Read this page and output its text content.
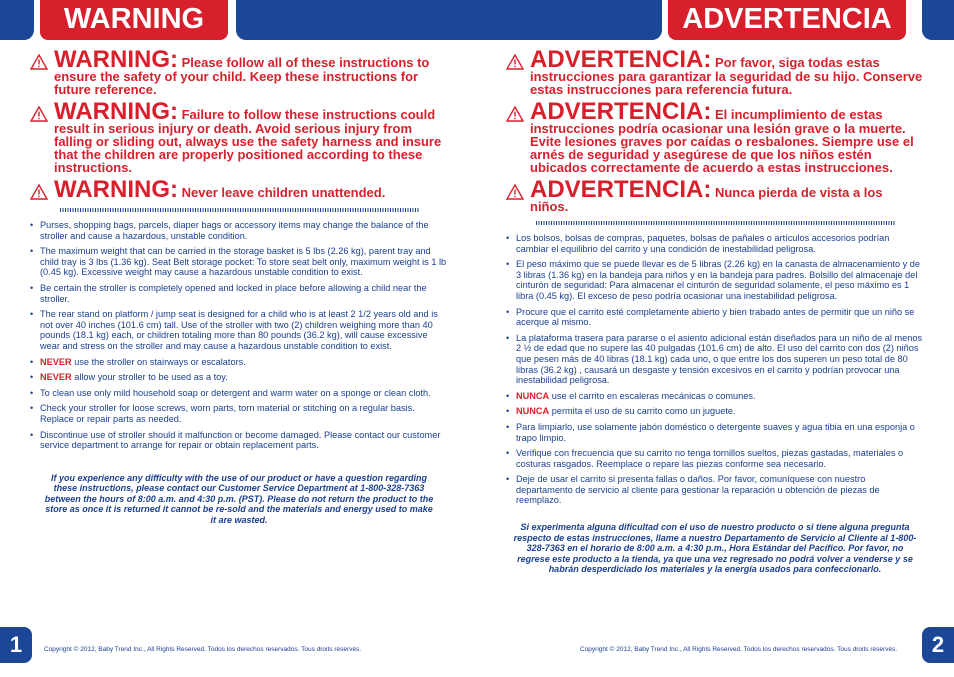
WARNING	ADVERTENCIA
WARNING: Please follow all of these instructions to ensure the safety of your child. Keep these instructions for future reference.
WARNING: Failure to follow these instructions could result in serious injury or death. Avoid serious injury from falling or sliding out, always use the safety harness and insure that the children are properly positioned according to these instructions.
WARNING: Never leave children unattended.
• Purses, shopping bags, parcels, diaper bags or accessory items may change the balance of the stroller and cause a hazardous, unstable condition.
• The maximum weight that can be carried in the storage basket is 5 lbs (2.26 kg), parent tray and child tray is 3 lbs (1.36 kg). Seat Belt storage pocket: To store seat belt only, maximum weight is 1 lb (0.45 kg). Excessive weight may cause a hazardous unstable condition to exist.
• Be certain the stroller is completely opened and locked in place before allowing a child near the stroller.
• The rear stand on platform / jump seat is designed for a child who is at least 2 1/2 years old and is not over 40 inches (101.6 cm) tall. Use of the stroller with two (2) children weighing more than 40 pounds (18.1 kg) each, or children totaling more than 80 pounds (36.2 kg), will cause excessive wear and stress on the stroller and may cause a hazardous unstable condition to exist.
• NEVER use the stroller on stairways or escalators.
• NEVER allow your stroller to be used as a toy.
• To clean use only mild household soap or detergent and warm water on a sponge or clean cloth.
• Check your stroller for loose screws, worn parts, torn material or stitching on a regular basis. Replace or repair parts as needed.
• Discontinue use of stroller should it malfunction or become damaged. Please contact our customer service department to arrange for repair or obtain replacement parts.
If you experience any difficulty with the use of our product or have a question regarding these instructions, please contact our Customer Service Department at 1-800-328-7363 between the hours of 8:00 a.m. and 4:30 p.m. (PST). Please do not return the product to the store as once it is returned it cannot be re-sold and the materials and energy used to make it are wasted.
ADVERTENCIA: Por favor, siga todas estas instrucciones para garantizar la seguridad de su hijo. Conserve estas instrucciones para referencia futura.
ADVERTENCIA: El incumplimiento de estas instrucciones podría ocasionar una lesión grave o la muerte. Evite lesiones graves por caídas o resbalones. Siempre use el arnés de seguridad y asegúrese de que los niños estén ubicados correctamente de acuerdo a estas instrucciones.
ADVERTENCIA: Nunca pierda de vista a los niños.
• Los bolsos, bolsas de compras, paquetes, bolsas de pañales o artículos accesorios podrían cambiar el equilibrio del carrito y una condición de inestabilidad peligrosa.
• El peso máximo que se puede llevar es de 5 libras (2.26 kg) en la canasta de almacenamiento y de 3 libras (1.36 kg) en la bandeja para niños y en la bandeja para padres. Bolsillo del almacenaje del cinturón de seguridad: Para almacenar el cinturón de seguridad solamente, el peso máximo es 1 libra (0.45 kg). El exceso de peso podría ocasionar una inestabilidad peligrosa.
• Procure que el carrito esté completamente abierto y bien trabado antes de permitir que un niño se acerque al mismo.
• La plataforma trasera para pararse o el asiento adicional están diseñados para un niño de al menos 2 ½ de edad que no supere las 40 pulgadas (101.6 cm) de alto. El uso del carrito con dos (2) niños que pesen más de 40 libras (18.1 kg) cada uno, o que entre los dos superen un peso total de 80 libras (36.2 kg) , causará un desgaste y tensión excesivos en el carrito y podrían provocar una inestabilidad peligrosa.
• NUNCA use el carrito en escaleras mecánicas o comunes.
• NUNCA permita el uso de su carrito como un juguete.
• Para limpiarlo, use solamente jabón doméstico o detergente suaves y agua tibia en una esponja o trapo limpio.
• Verifique con frecuencia que su carrito no tenga tornillos sueltos, piezas gastadas, materiales o costuras rasgados. Reemplace o repare las piezas conforme sea necesario.
• Deje de usar el carrito si presenta fallas o daños. Por favor, comuníquese con nuestro departamento de servicio al cliente para gestionar la reparación u obtención de piezas de reemplazo.
Si experimenta alguna dificultad con el uso de nuestro producto o si tiene alguna pregunta respecto de estas instrucciones, llame a nuestro Departamento de Servicio al Cliente al 1-800-328-7363 en el horario de 8:00 a.m. a 4:30 p.m., Hora Estándar del Pacífico. Por favor, no regrese este producto a la tienda, ya que una vez regresado no podrá volver a venderse y se habrán desperdiciado los materiales y la energía usados para confeccionarlo.
1	Copyright © 2012, Baby Trend Inc., All Rights Reserved. Todos los derechos reservados. Tous droits réservés.	Copyright © 2012, Baby Trend Inc., All Rights Reserved. Todos los derechos reservados. Tous droits réservés.	2
